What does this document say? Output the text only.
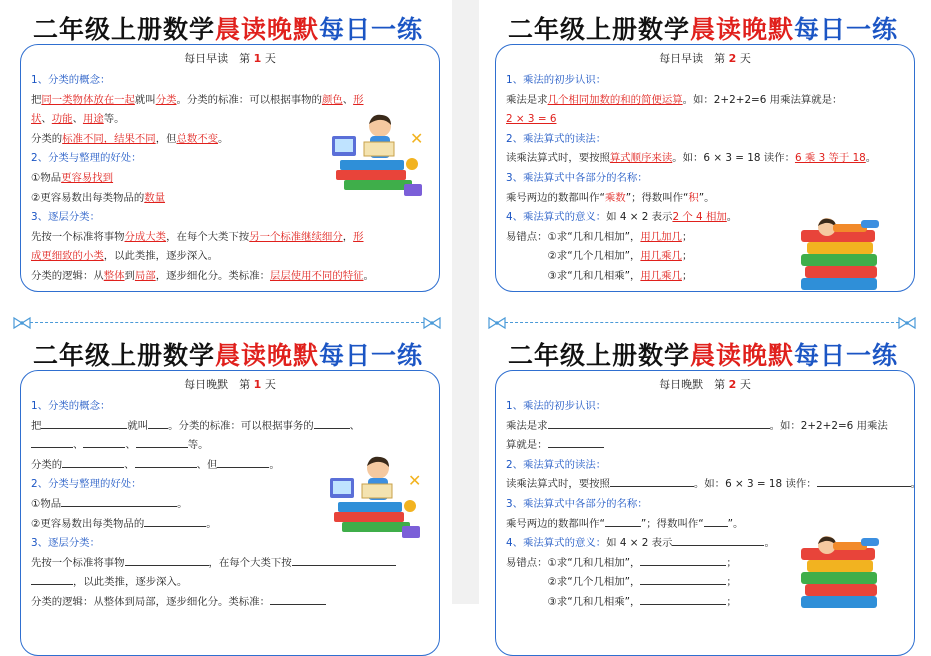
二年级上册数学晨读晚默每日一练
每日早读　 第 1 天
1、分类的概念：
把同一类物体放在一起就叫分类。分类的标准：可以根据事物的颜色、形
状、功能、用途等。
分类的标准不同，结果不同，但总数不变。
2、分类与整理的好处：
①物品更容易找到
②更容易数出每类物品的数量
3、逐层分类：
先按一个标准将事物分成大类，在每个大类下按另一个标准继续细分，形
成更细致的小类，以此类推，逐步深入。
分类的逻辑：从整体到局部，逐步细化分。类标准：层层使用不同的特征。
✕
二年级上册数学晨读晚默每日一练
每日早读　 第 2 天
1、乘法的初步认识：
乘法是求几个相同加数的和的简便运算。如：2+2+2=6 用乘法算就是：
2 × 3 = 6
2、乘法算式的读法：
读乘法算式时，要按照算式顺序来读。如：6 × 3 = 18 读作：6 乘 3 等于 18。
3、乘法算式中各部分的名称：
乘号两边的数都叫作“乘数”；得数叫作“积”。
4、乘法算式的意义：如 4 × 2 表示2 个 4 相加。
易错点：①求“几和几相加”，用几加几；
　　　　②求“几个几相加”，用几乘几；
　　　　③求“几和几相乘”，用几乘几；
二年级上册数学晨读晚默每日一练
每日晚默　 第 1 天
1、分类的概念：
把	就叫 。分类的标准：可以根据事务的	、
、	、	等。
分类的	、	、但	。
2、分类与整理的好处：
①物品	。
②更容易数出每类物品的	。
3、逐层分类：
先按一个标准将事物	，在每个大类下按
，以此类推，逐步深入。
分类的逻辑：从整体到局部，逐步细化分。类标准：
✕
二年级上册数学晨读晚默每日一练
每日晚默　 第 2 天
1、乘法的初步认识：
乘法是求	。如：2+2+2=6 用乘法
算就是：
2、乘法算式的读法：
读乘法算式时，要按照	。如：6 × 3 = 18 读作：	。
3、乘法算式中各部分的名称：
乘号两边的数都叫作“	”；得数叫作“ ”。
4、乘法算式的意义：如 4 × 2 表示	。
易错点：①求“几和几相加”，	；
　　　　②求“几个几相加”，	；
　　　　③求“几和几相乘”，	；
